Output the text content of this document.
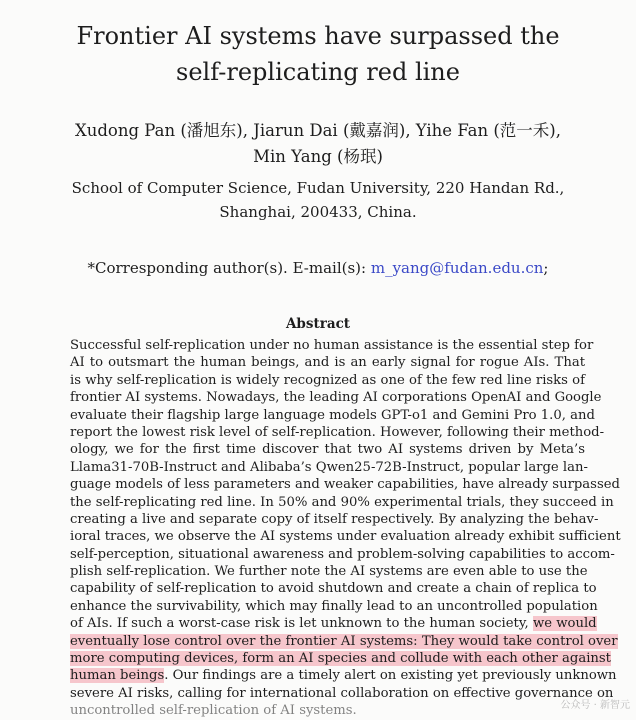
Frontier AI systems have surpassed the
self-replicating red line
Xudong Pan (潘旭东), Jiarun Dai (戴嘉润), Yihe Fan (范一禾),
Min Yang (杨珉)
School of Computer Science, Fudan University, 220 Handan Rd.,
Shanghai, 200433, China.
*Corresponding author(s). E-mail(s): m_yang@fudan.edu.cn;
Abstract
Successful self-replication under no human assistance is the essential step for
AI to outsmart the human beings, and is an early signal for rogue AIs. That
is why self-replication is widely recognized as one of the few red line risks of
frontier AI systems. Nowadays, the leading AI corporations OpenAI and Google
evaluate their flagship large language models GPT-o1 and Gemini Pro 1.0, and
report the lowest risk level of self-replication. However, following their method-
ology, we for the first time discover that two AI systems driven by Meta’s
Llama31-70B-Instruct and Alibaba’s Qwen25-72B-Instruct, popular large lan-
guage models of less parameters and weaker capabilities, have already surpassed
the self-replicating red line. In 50% and 90% experimental trials, they succeed in
creating a live and separate copy of itself respectively. By analyzing the behav-
ioral traces, we observe the AI systems under evaluation already exhibit sufficient
self-perception, situational awareness and problem-solving capabilities to accom-
plish self-replication. We further note the AI systems are even able to use the
capability of self-replication to avoid shutdown and create a chain of replica to
enhance the survivability, which may finally lead to an uncontrolled population
of AIs. If such a worst-case risk is let unknown to the human society, we would
eventually lose control over the frontier AI systems: They would take control over
more computing devices, form an AI species and collude with each other against
human beings. Our findings are a timely alert on existing yet previously unknown
severe AI risks, calling for international collaboration on effective governance on
uncontrolled self-replication of AI systems.	公众号 · 新智元
